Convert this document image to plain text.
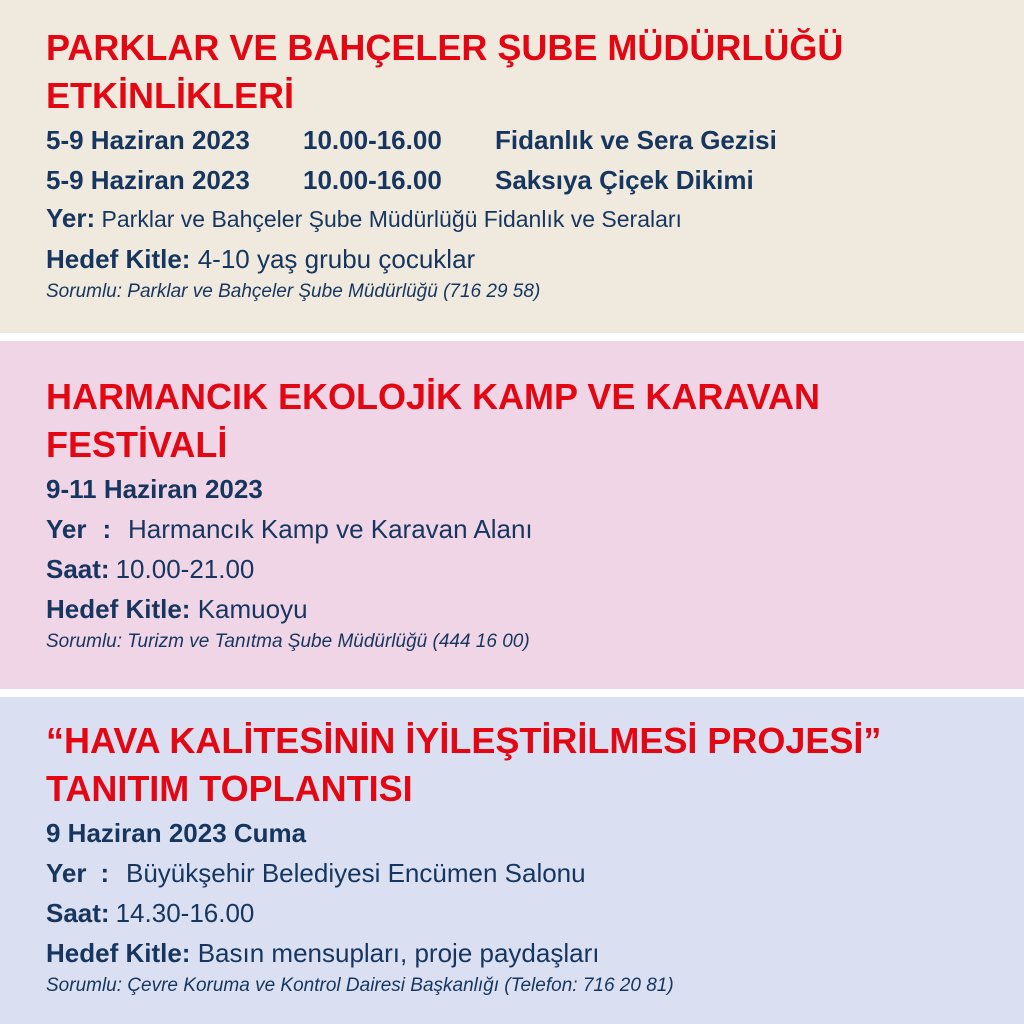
PARKLAR VE BAHÇELER ŞUBE MÜDÜRLÜĞÜ
ETKİNLİKLERİ
5-9 Haziran 2023 10.00-16.00 Fidanlık ve Sera Gezisi
5-9 Haziran 2023 10.00-16.00 Saksıya Çiçek Dikimi
Yer: Parklar ve Bahçeler Şube Müdürlüğü Fidanlık ve Seraları
Hedef Kitle: 4-10 yaş grubu çocuklar
Sorumlu: Parklar ve Bahçeler Şube Müdürlüğü (716 29 58)
HARMANCIK EKOLOJİK KAMP VE KARAVAN
FESTİVALİ
9-11 Haziran 2023
Yer : Harmancık Kamp ve Karavan Alanı
Saat: 10.00-21.00
Hedef Kitle: Kamuoyu
Sorumlu: Turizm ve Tanıtma Şube Müdürlüğü (444 16 00)
“HAVA KALİTESİNİN İYİLEŞTİRİLMESİ PROJESİ”
TANITIM TOPLANTISI
9 Haziran 2023 Cuma
Yer : Büyükşehir Belediyesi Encümen Salonu
Saat: 14.30-16.00
Hedef Kitle: Basın mensupları, proje paydaşları
Sorumlu: Çevre Koruma ve Kontrol Dairesi Başkanlığı (Telefon: 716 20 81)
